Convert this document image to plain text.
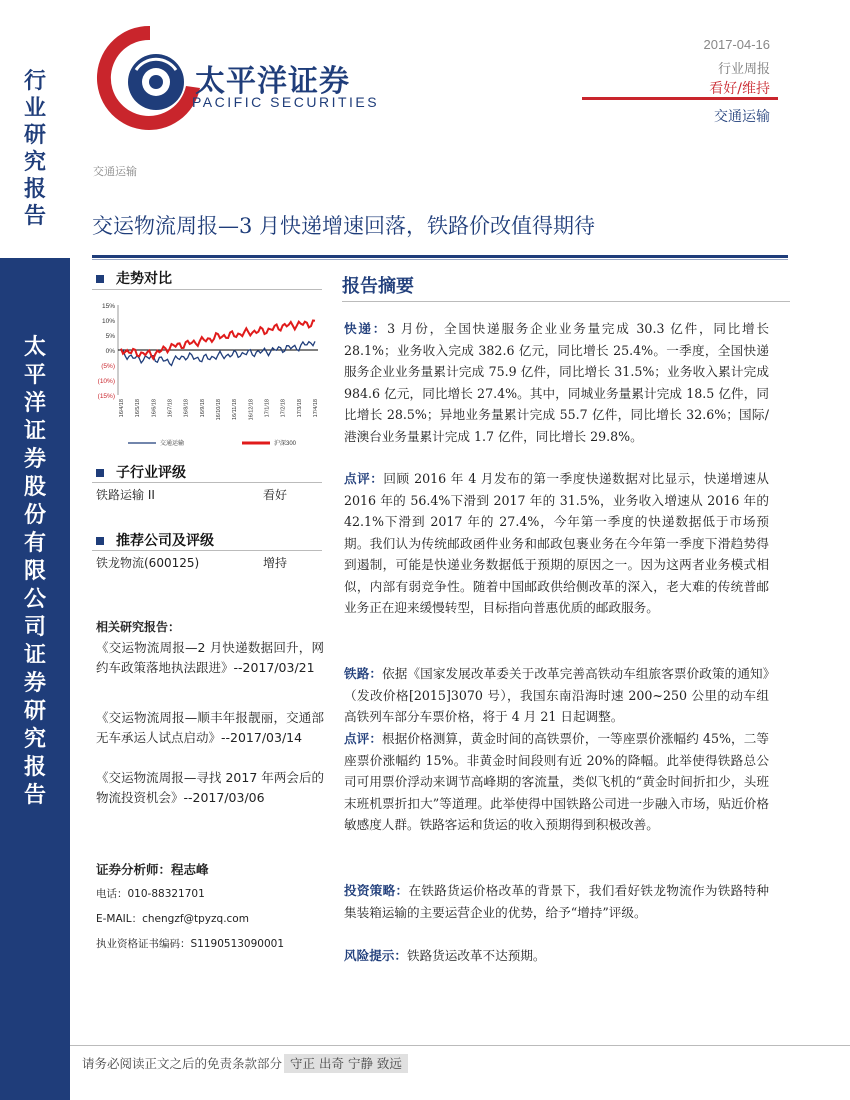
行
业
研
究
报
告
太
平
洋
证
券
股
份
有
限
公
司
证
券
研
究
报
告
太平洋证券
PACIFIC SECURITIES
2017-04-16
行业周报
看好/维持
交通运输
交通运输
交运物流周报—3 月快递增速回落，铁路价改值得期待
走势对比
15%
10%
5%
0%
(5%)
(10%)
(15%)
16/4/18 16/5/18 16/6/18 16/7/18 16/8/18 16/9/18 16/10/18 16/11/18 16/12/18 17/1/18 17/2/18 17/3/18 17/4/18
交通运输	沪深300
子行业评级
铁路运输 II	看好
推荐公司及评级
铁龙物流(600125)	增持
相关研究报告：
《交运物流周报—2 月快递数据回升，网约车政策落地执法跟进》--2017/03/21
《交运物流周报—顺丰年报靓丽，交通部无车承运人试点启动》--2017/03/14
《交运物流周报—寻找 2017 年两会后的物流投资机会》--2017/03/06
证券分析师：程志峰
电话：010-88321701
E-MAIL：chengzf@tpyzq.com
执业资格证书编码：S1190513090001
报告摘要
快递：3 月份，全国快递服务企业业务量完成 30.3 亿件，同比增长 28.1%；业务收入完成 382.6 亿元，同比增长 25.4%。一季度，全国快递服务企业业务量累计完成 75.9 亿件，同比增长 31.5%；业务收入累计完成 984.6 亿元，同比增长 27.4%。其中，同城业务量累计完成 18.5 亿件，同比增长 28.5%；异地业务量累计完成 55.7 亿件，同比增长 32.6%；国际/港澳台业务量累计完成 1.7 亿件，同比增长 29.8%。
点评：回顾 2016 年 4 月发布的第一季度快递数据对比显示，快递增速从 2016 年的 56.4%下滑到 2017 年的 31.5%，业务收入增速从 2016 年的 42.1%下滑到 2017 年的 27.4%，今年第一季度的快递数据低于市场预期。我们认为传统邮政函件业务和邮政包裹业务在今年第一季度下滑趋势得到遏制，可能是快递业务数据低于预期的原因之一。因为这两者业务模式相似，内部有弱竞争性。随着中国邮政供给侧改革的深入，老大难的传统普邮业务正在迎来缓慢转型，目标指向普惠优质的邮政服务。
铁路：依据《国家发展改革委关于改革完善高铁动车组旅客票价政策的通知》（发改价格[2015]3070 号），我国东南沿海时速 200~250 公里的动车组高铁列车部分车票价格，将于 4 月 21 日起调整。
点评：根据价格测算，黄金时间的高铁票价，一等座票价涨幅约 45%，二等座票价涨幅约 15%。非黄金时间段则有近 20%的降幅。此举使得铁路总公司可用票价浮动来调节高峰期的客流量，类似飞机的“黄金时间折扣少，头班末班机票折扣大”等道理。此举使得中国铁路公司进一步融入市场，贴近价格敏感度人群。铁路客运和货运的收入预期得到积极改善。
投资策略：在铁路货运价格改革的背景下，我们看好铁龙物流作为铁路特种集装箱运输的主要运营企业的优势，给予“增持”评级。
风险提示：铁路货运改革不达预期。
请务必阅读正文之后的免责条款部分 守正 出奇 宁静 致远
